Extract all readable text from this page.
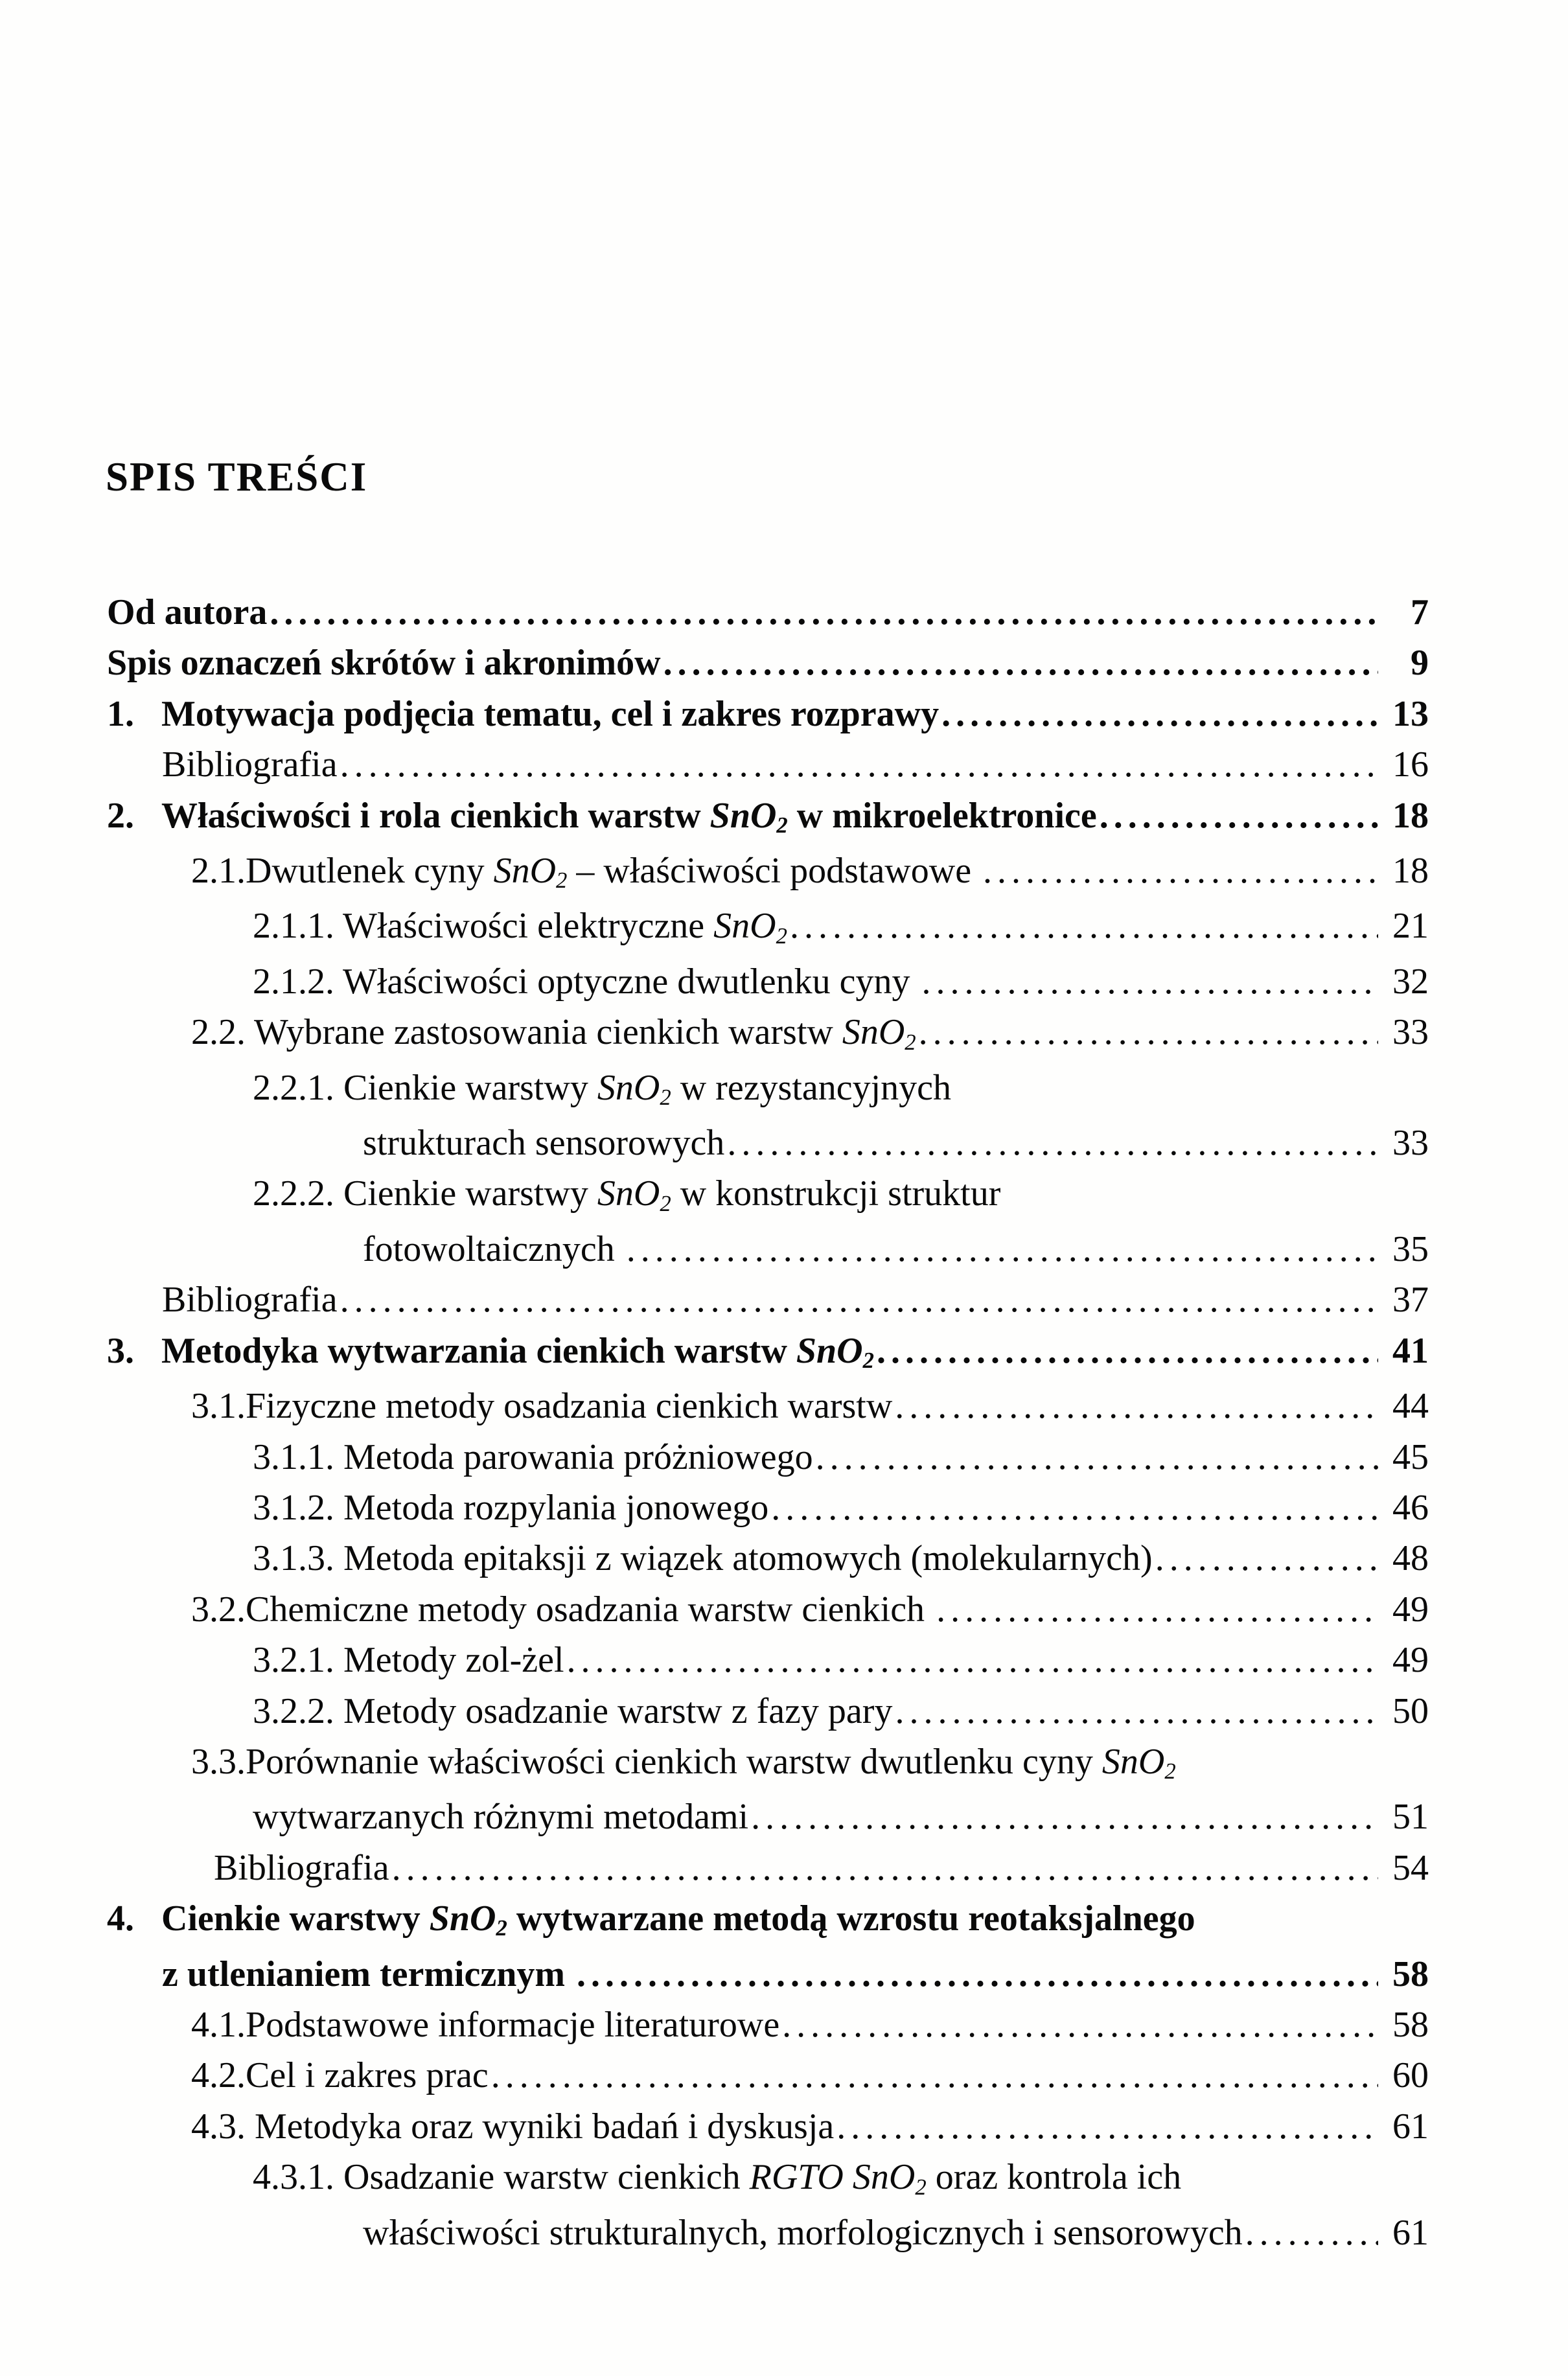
SPIS TREŚCI
Od autora .....	7
Spis oznaczeń skrótów i akronimów .....	9
1. Motywacja podjęcia tematu, cel i zakres rozprawy .....	13
Bibliografia .....	16
2. Właściwości i rola cienkich warstw SnO2 w mikroelektronice .....	18
2.1.Dwutlenek cyny SnO2 – właściwości podstawowe .....	18
2.1.1. Właściwości elektryczne SnO2 .....	21
2.1.2. Właściwości optyczne dwutlenku cyny .....	32
2.2. Wybrane zastosowania cienkich warstw SnO2 .....	33
2.2.1. Cienkie warstwy SnO2 w rezystancyjnych
strukturach sensorowych .....	33
2.2.2. Cienkie warstwy SnO2 w konstrukcji struktur
fotowoltaicznych .....	35
Bibliografia .....	37
3. Metodyka wytwarzania cienkich warstw SnO2 .....	41
3.1.Fizyczne metody osadzania cienkich warstw .....	44
3.1.1. Metoda parowania próżniowego .....	45
3.1.2. Metoda rozpylania jonowego .....	46
3.1.3. Metoda epitaksji z wiązek atomowych (molekularnych) .....	48
3.2.Chemiczne metody osadzania warstw cienkich .....	49
3.2.1. Metody zol-żel .....	49
3.2.2. Metody osadzanie warstw z fazy pary .....	50
3.3.Porównanie właściwości cienkich warstw dwutlenku cyny SnO2
wytwarzanych różnymi metodami .....	51
Bibliografia .....	54
4. Cienkie warstwy SnO2 wytwarzane metodą wzrostu reotaksjalnego
z utlenianiem termicznym .....	58
4.1.Podstawowe informacje literaturowe .....	58
4.2.Cel i zakres prac .....	60
4.3. Metodyka oraz wyniki badań i dyskusja .....	61
4.3.1. Osadzanie warstw cienkich RGTO SnO2 oraz kontrola ich
właściwości strukturalnych, morfologicznych i sensorowych .....	61
